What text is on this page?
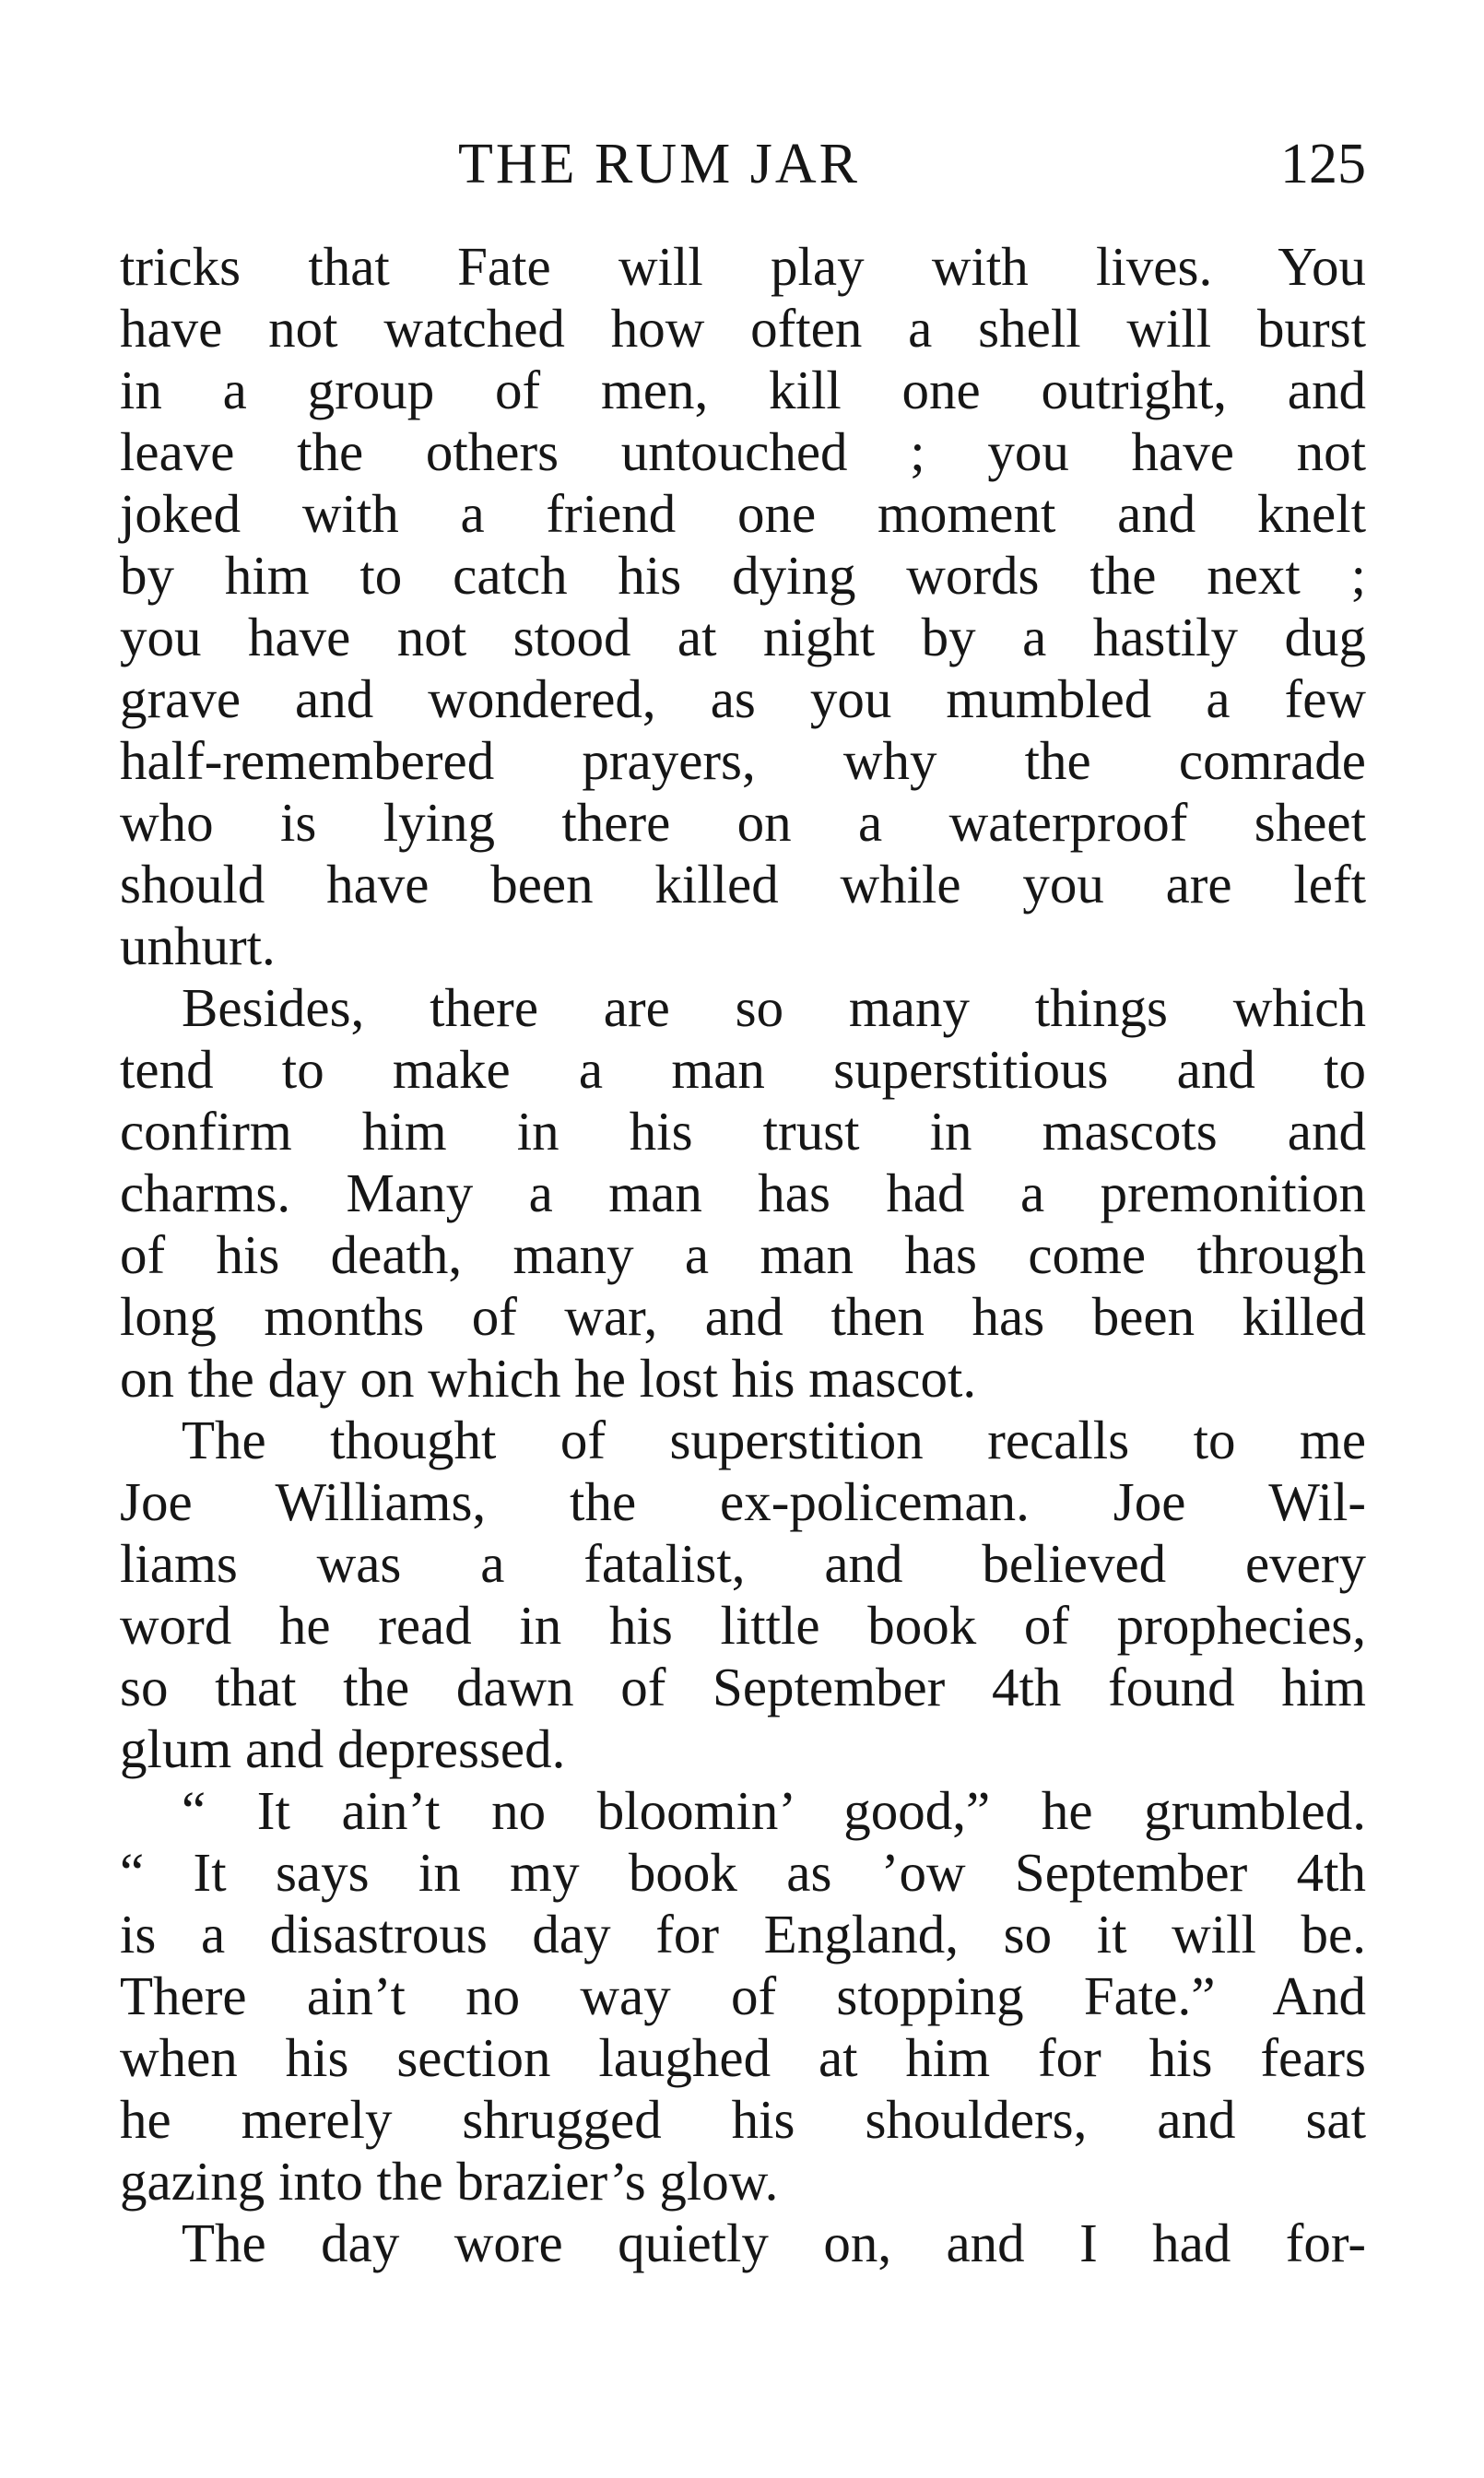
THE RUM JAR	125
tricks that Fate will play with lives. You
have not watched how often a shell will burst
in a group of men, kill one outright, and
leave the others untouched ; you have not
joked with a friend one moment and knelt
by him to catch his dying words the next ;
you have not stood at night by a hastily dug
grave and wondered, as you mumbled a few
half-remembered prayers, why the comrade
who is lying there on a waterproof sheet
should have been killed while you are left
unhurt.
Besides, there are so many things which
tend to make a man superstitious and to
confirm him in his trust in mascots and
charms. Many a man has had a premonition
of his death, many a man has come through
long months of war, and then has been killed
on the day on which he lost his mascot.
The thought of superstition recalls to me
Joe Williams, the ex-policeman. Joe Wil-
liams was a fatalist, and believed every
word he read in his little book of prophecies,
so that the dawn of September 4th found him
glum and depressed.
“ It ain’t no bloomin’ good,” he grumbled.
“ It says in my book as ’ow September 4th
is a disastrous day for England, so it will be.
There ain’t no way of stopping Fate.” And
when his section laughed at him for his fears
he merely shrugged his shoulders, and sat
gazing into the brazier’s glow.
The day wore quietly on, and I had for-
